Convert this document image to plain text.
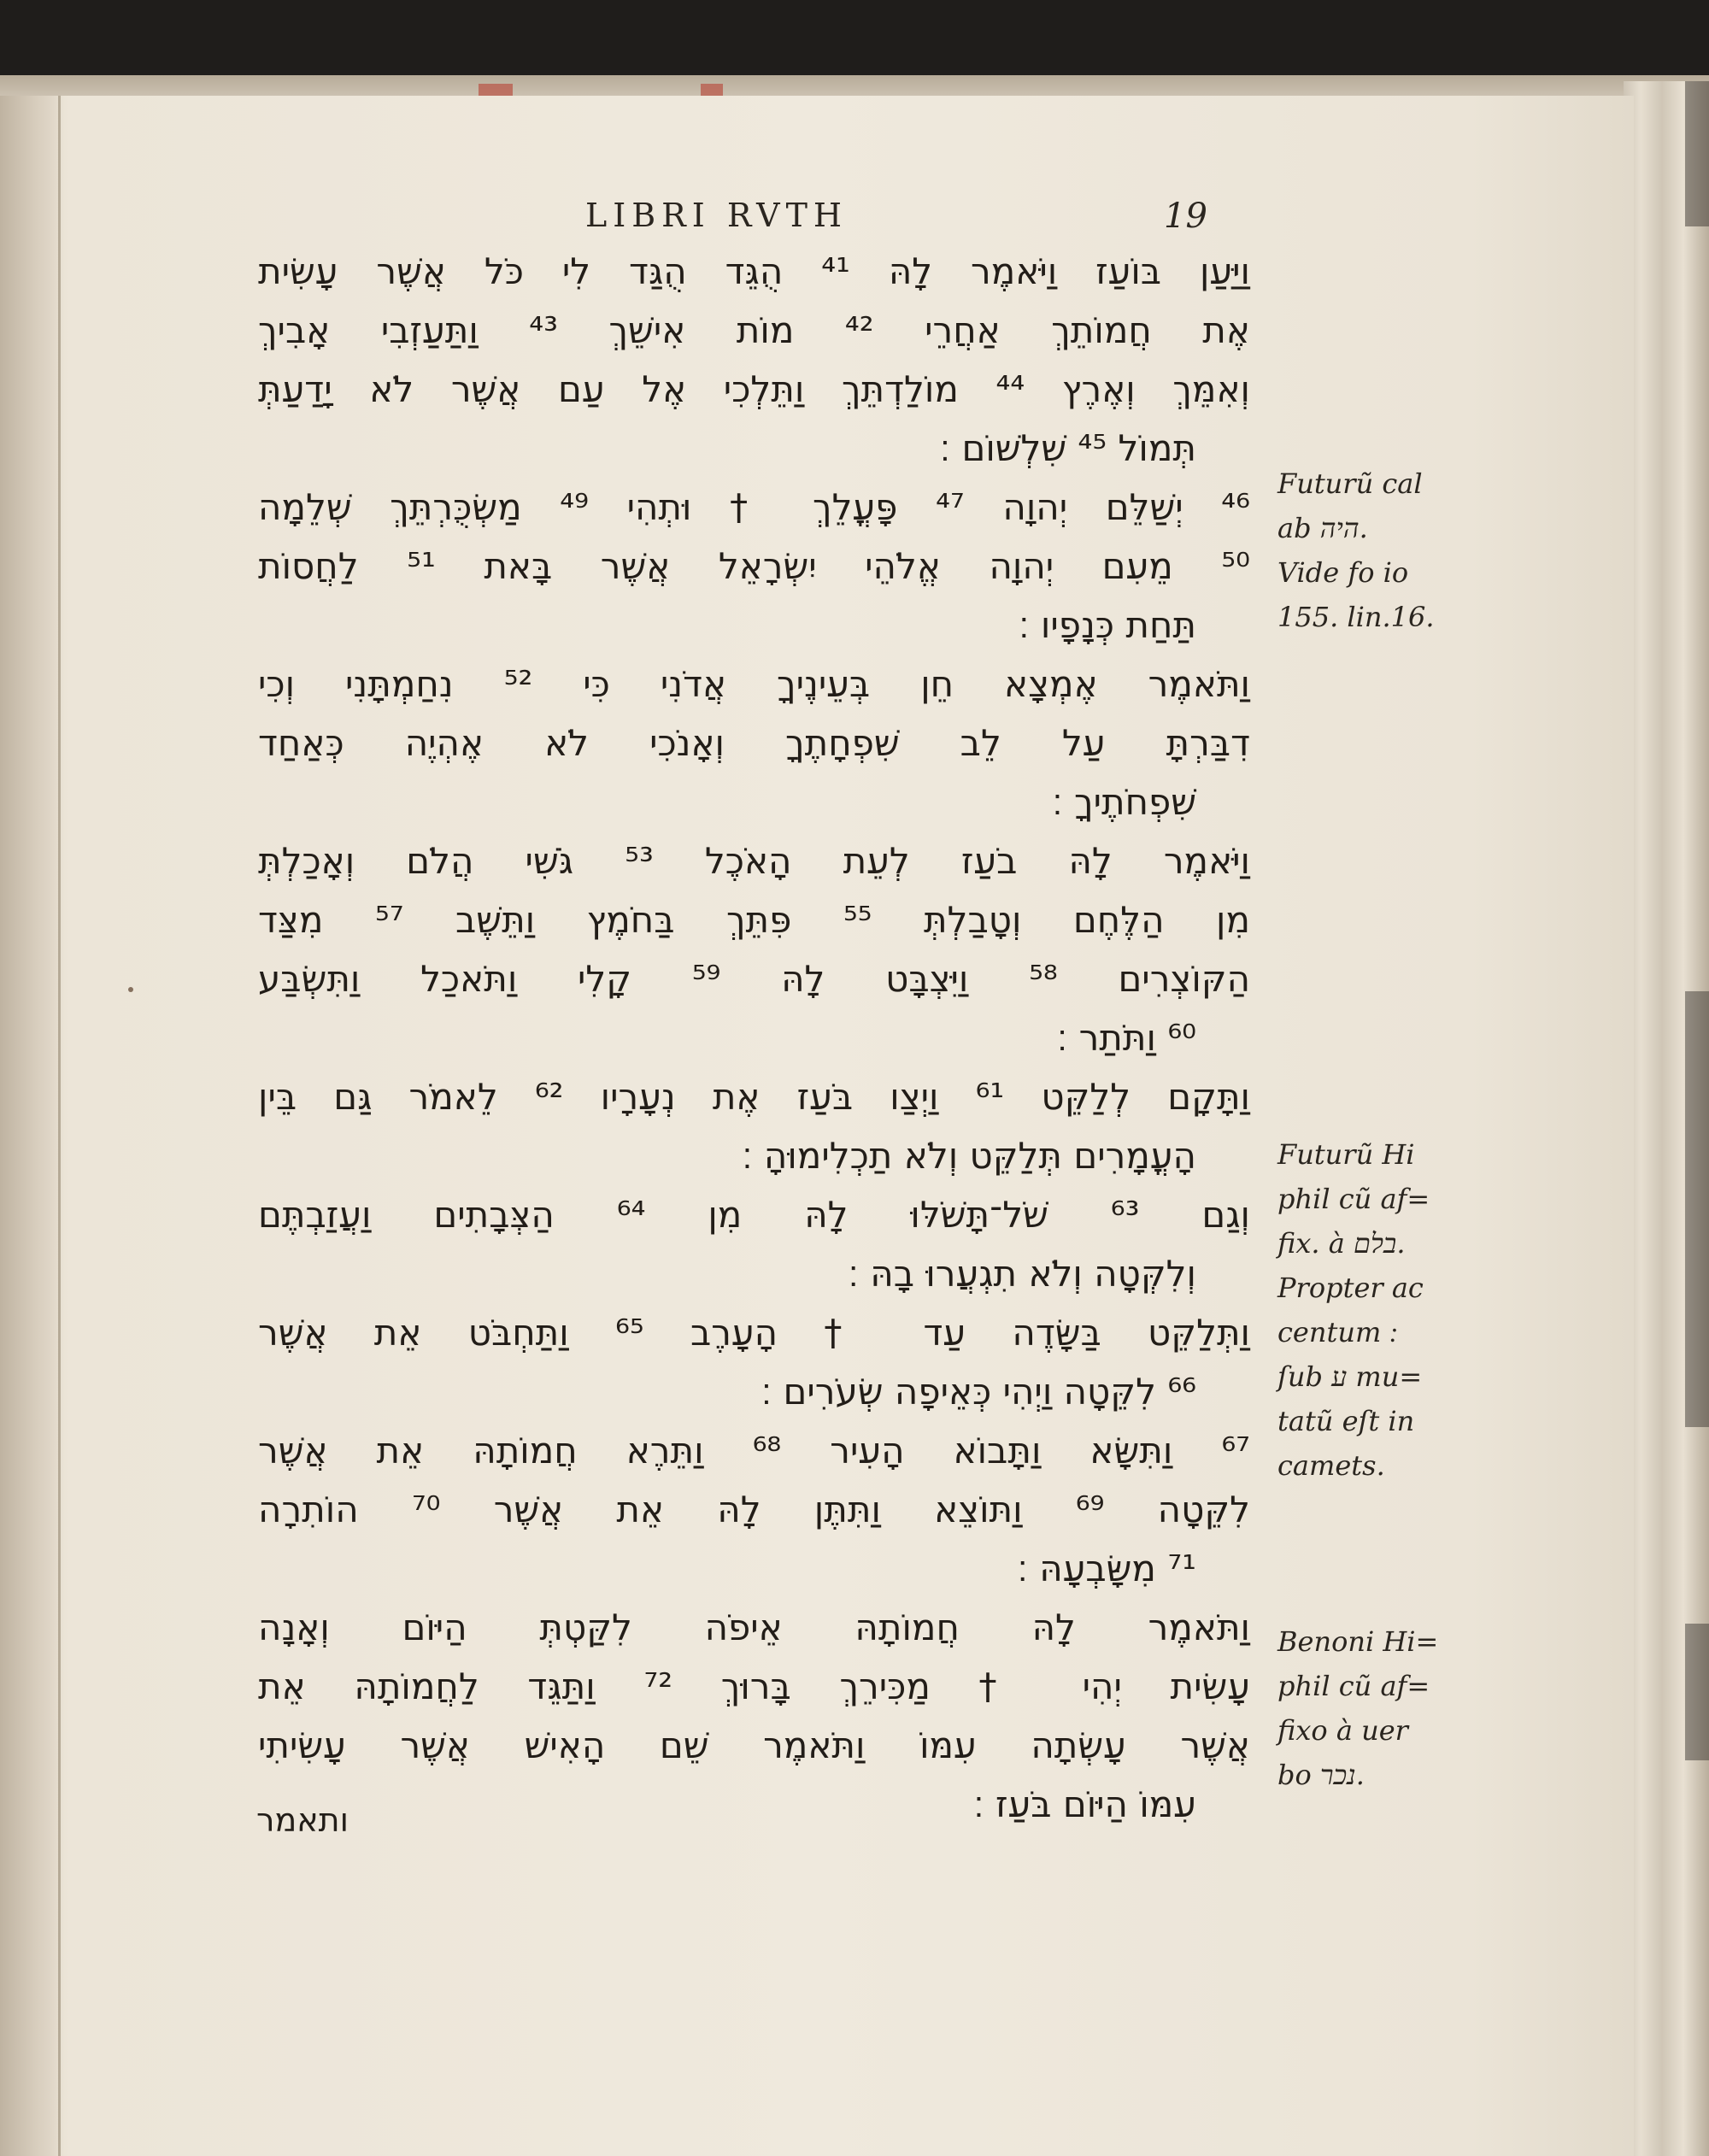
LIBRI RVTH	19
וַיַּעַן בּוֹעַז וַיֹּאמֶר לָהּ ⁴¹ הֻגֵּד הֻגַּד לִי כֹּל אֲשֶׁר עָשִׂית
אֶת חֲמוֹתֵךְ אַחֲרֵי ⁴² מוֹת אִישֵׁךְ ⁴³ וַתַּעַזְבִי אָבִיךְ
וְאִמֵּךְ וְאֶרֶץ ⁴⁴ מוֹלַדְתֵּךְ וַתֵּלְכִי אֶל עַם אֲשֶׁר לֹא יָדַעַתְּ
תְּמוֹל ⁴⁵ שִׁלְשׁוֹם ׃
⁴⁶ יְשַׁלֵּם יְהוָה ⁴⁷ פָּעֳלֵךְ † וּתְהִי ⁴⁹ מַשְׂכֻּרְתֵּךְ שְׁלֵמָה
⁵⁰ מֵעִם יְהוָה אֱלֹהֵי יִשְׂרָאֵל אֲשֶׁר בָּאת ⁵¹ לַחֲסוֹת
תַּחַת כְּנָפָיו ׃
וַתֹּאמֶר אֶמְצָא חֵן בְּעֵינֶיךָ אֲדֹנִי כִּי ⁵² נִחַמְתָּנִי וְכִי
דִבַּרְתָּ עַל לֵב שִׁפְחָתֶךָ וְאָנֹכִי לֹא אֶהְיֶה כְּאַחַד
שִׁפְחֹתֶיךָ ׃
וַיֹּאמֶר לָהּ בֹעַז לְעֵת הָאֹכֶל ⁵³ גֹּשִׁי הֲלֹם וְאָכַלְתְּ
מִן הַלֶּחֶם וְטָבַלְתְּ ⁵⁵ פִּתֵּךְ בַּחֹמֶץ וַתֵּשֶׁב ⁵⁷ מִצַּד
הַקּוֹצְרִים ⁵⁸ וַיִּצְבָּט לָהּ ⁵⁹ קָלִי וַתֹּאכַל וַתִּשְׂבַּע
⁶⁰ וַתֹּתַר ׃
וַתָּקָם לְלַקֵּט ⁶¹ וַיְצַו בֹּעַז אֶת נְעָרָיו ⁶² לֵאמֹר גַּם בֵּין
הָעֳמָרִים תְּלַקֵּט וְלֹא תַכְלִימוּהָ ׃
וְגַם ⁶³ שֹׁל־תָּשֹׁלּוּ לָהּ מִן ⁶⁴ הַצְּבָתִים וַעֲזַבְתֶּם
וְלִקְּטָה וְלֹא תִגְעֲרוּ בָהּ ׃
וַתְּלַקֵּט בַּשָּׂדֶה עַד † הָעָרֶב ⁶⁵ וַתַּחְבֹּט אֵת אֲשֶׁר
⁶⁶ לִקֵּטָה וַיְהִי כְּאֵיפָה שְׂעֹרִים ׃
⁶⁷ וַתִּשָּׂא וַתָּבוֹא הָעִיר ⁶⁸ וַתֵּרֶא חֲמוֹתָהּ אֵת אֲשֶׁר
לִקֵּטָה ⁶⁹ וַתּוֹצֵא וַתִּתֶּן לָהּ אֵת אֲשֶׁר ⁷⁰ הוֹתִרָה
⁷¹ מִשָּׂבְעָהּ ׃
וַתֹּאמֶר לָהּ חֲמוֹתָהּ אֵיפֹה לִקַּטְתְּ הַיּוֹם וְאָנָה
עָשִׂית יְהִי † מַכִּירֵךְ בָּרוּךְ ⁷² וַתַּגֵּד לַחֲמוֹתָהּ אֵת
אֲשֶׁר עָשְׂתָה עִמּוֹ וַתֹּאמֶר שֵׁם הָאִישׁ אֲשֶׁר עָשִׂיתִי
עִמּוֹ הַיּוֹם בֹּעַז ׃
ותאמר
Futurũ cal
ab היה.
Vide fo io
155. lin.16.
Futurũ Hi
phil cũ af=
fix. à בלם.
Propter ac
centum
ſub ע mu=
tatũ eſt in
camets.
Benoni Hi=
phil cũ af=
fixo à uer
bo נכר.
